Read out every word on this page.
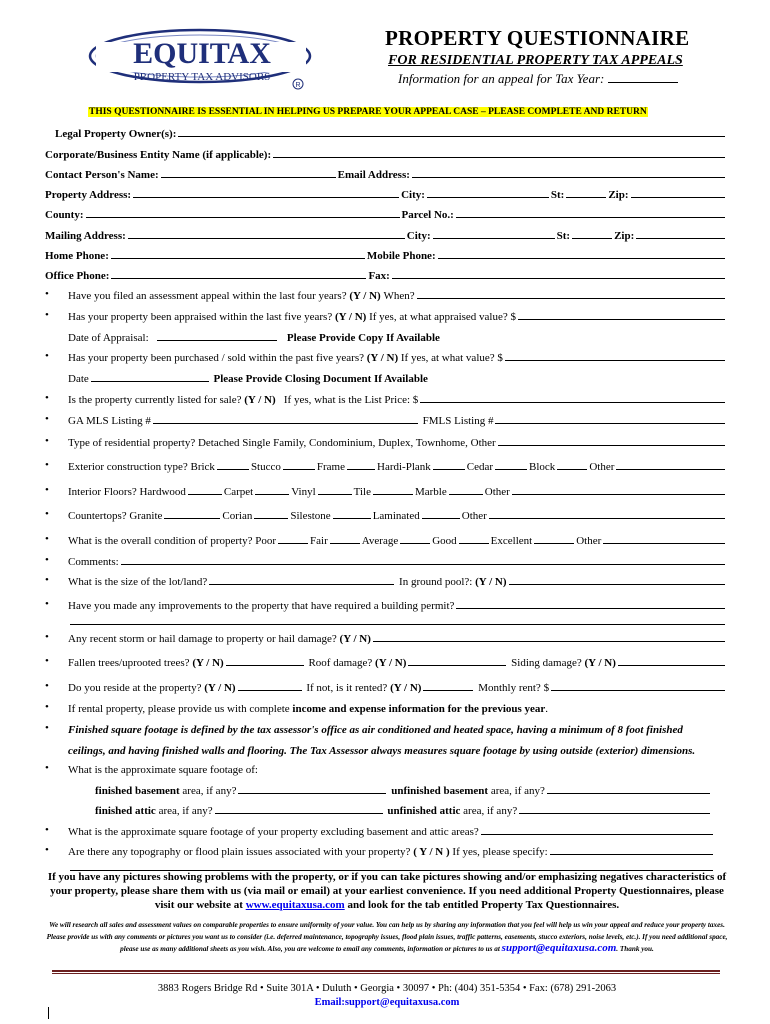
EQUITAX
PROPERTY TAX ADVISORS
R
PROPERTY QUESTIONNAIRE
FOR RESIDENTIAL PROPERTY TAX APPEALS
Information for an appeal for Tax Year:
THIS QUESTIONNAIRE IS ESSENTIAL IN HELPING US PREPARE YOUR APPEAL CASE – PLEASE COMPLETE AND RETURN
Legal Property Owner(s):
Corporate/Business Entity Name (if applicable):
Contact Person's Name:	Email Address:
Property Address:	City:	St:	Zip:
County:	Parcel No.:
Mailing Address:	City:	St:	Zip:
Home Phone:	Mobile Phone:
Office Phone:	Fax:
• Have you filed an assessment appeal within the last four years?
(Y / N)
When?
• Has your property been appraised within the last five years?
(Y / N)
If yes, at what appraised value? $
Date of Appraisal:
	Please Provide Copy If Available
• Has your property been purchased / sold within the past five years?
(Y / N)
If yes, at what value? $
Date
	Please Provide Closing Document If Available
• Is the property currently listed for sale?
(Y / N)
If yes, what is the List Price: $
• GA MLS Listing #
	FMLS Listing #
• Type of residential property? Detached Single Family, Condominium, Duplex, Townhome, Other
• Exterior construction type? Brick	Stucco	Frame	Hardi-Plank	Cedar	Block	Other
• Interior Floors? Hardwood	Carpet	Vinyl	Tile	Marble	Other
• Countertops? Granite	Corian	Silestone	Laminated	Other
• What is the overall condition of property? Poor	Fair	Average	Good	Excellent	Other
• Comments:
• What is the size of the lot/land?
	In ground pool?:
(Y / N)
• Have you made any improvements to the property that have required a building permit?
• Any recent storm or hail damage to property or hail damage?
(Y / N)
• Fallen trees/uprooted trees?
(Y / N)
	Roof damage?
(Y / N)
	Siding damage?
(Y / N)
• Do you reside at the property?
(Y / N)
	If not, is it rented?
(Y / N)
	Monthly rent? $
• If rental property, please provide us with complete
income and expense information for the previous year .
• Finished square footage is defined by the tax assessor's office as air conditioned and heated space, having a minimum of 8 foot finished
ceilings, and having finished walls and flooring. The Tax Assessor always measures square footage by using outside (exterior) dimensions.
• What is the approximate square footage of:
finished basement
area, if any?
	unfinished basement
area, if any?
finished attic
area, if any?
	unfinished attic
area, if any?
• What is the approximate square footage of your property excluding basement and attic areas?
• Are there any topography or flood plain issues associated with your property?
( Y / N )
If yes, please specify:
If you have any pictures showing problems with the property, or if you can take pictures showing and/or emphasizing negatives characteristics of your property, please share them with us (via mail or email) at your earliest convenience. If you need additional Property Questionnaires, please visit our website at www.equitaxusa.com and look for the tab entitled Property Tax Questionnaires.
We will research all sales and assessment values on comparable properties to ensure uniformity of your value. You can help us by sharing any information that you feel will help us win your appeal and reduce your property taxes. Please provide us with any comments or pictures you want us to consider (i.e. deferred maintenance, topography issues, flood plain issues, traffic patterns, easements, stucco exteriors, noise levels, etc.). If you need additional space, please use as many additional sheets as you wish. Also, you are welcome to email any comments, information or pictures to us at support@equitaxusa.com. Thank you.
3883 Rogers Bridge Rd • Suite 301A • Duluth • Georgia • 30097 • Ph: (404) 351-5354 • Fax: (678) 291-2063
Email:support@equitaxusa.com
